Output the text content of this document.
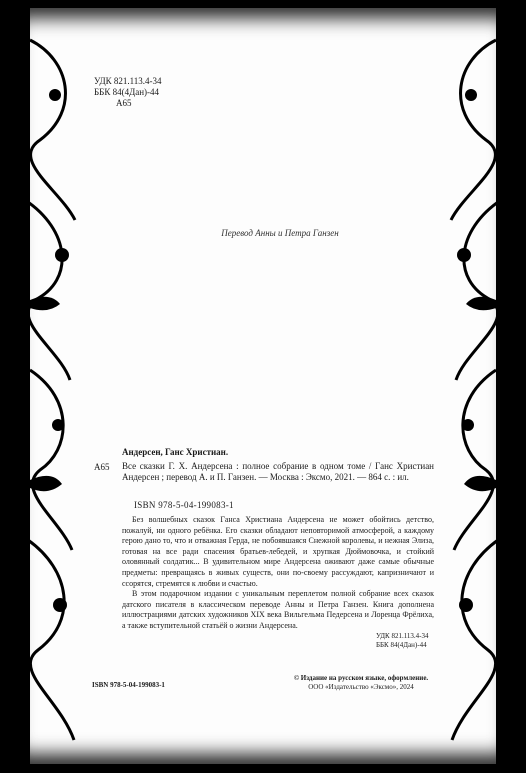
УДК 821.113.4-34
ББК 84(4Дан)-44
А65
Перевод Анны и Петра Ганзен
Андерсен, Ганс Христиан.
А65 Все сказки Г. Х. Андерсена : полное собрание в одном томе / Ганс Христиан Андерсен ; перевод А. и П. Ганзен. — Москва : Эксмо, 2021. — 864 с. : ил.
ISBN 978-5-04-199083-1

Без волшебных сказок Ганса Христиана Андерсена не может обойтись детство, пожалуй, ни одного ребёнка. Его сказки обладают неповторимой атмосферой, а каждому герою дано то, что и отважная Герда, не побоявшаяся Снежной королевы, и нежная Элиза, готовая на все ради спасения братьев-лебедей, и хрупкая Дюймовочка, и стойкий оловянный солдатик... В удивительном мире Андерсена оживают даже самые обычные предметы: превращаясь в живых существ, они по-своему рассуждают, капризничают и ссорятся, стремятся к любви и счастью.

В этом подарочном издании с уникальным переплетом полной собрание всех сказок датского писателя в классическом переводе Анны и Петра Ганзен. Книга дополнена иллюстрациями датских художников XIX века Вильгельма Педерсена и Лоренца Фрёлиха, а также вступительной статьёй о жизни Андерсена.

УДК 821.113.4-34
ББК 84(4Дан)-44
ISBN 978-5-04-199083-1
© Издание на русском языке, оформление.
ООО «Издательство «Эксмо», 2024
